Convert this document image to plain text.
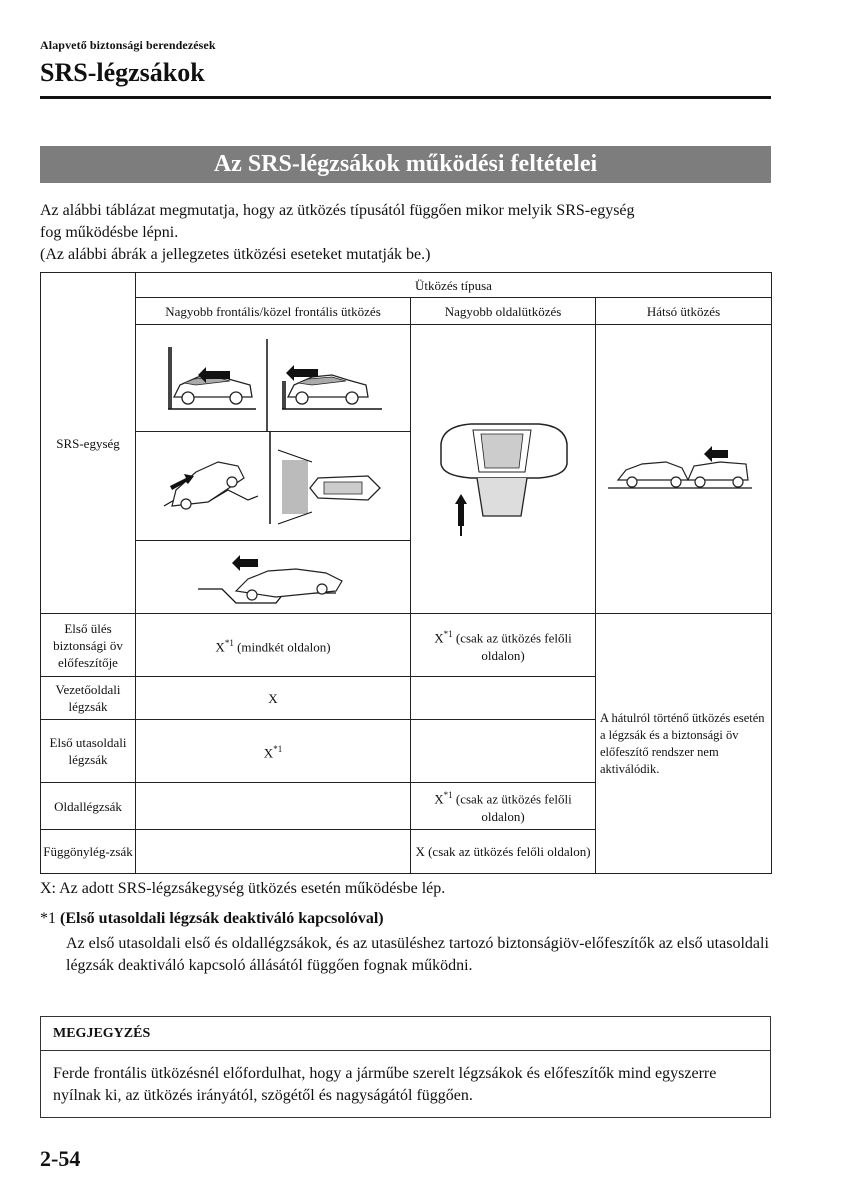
Alapvető biztonsági berendezések
SRS-légzsákok
Az SRS-légzsákok működési feltételei
Az alábbi táblázat megmutatja, hogy az ütközés típusától függően mikor melyik SRS-egység
fog működésbe lépni.
(Az alábbi ábrák a jellegzetes ütközési eseteket mutatják be.)
SRS-egység	Ütközés típusa		
	Nagyobb frontális/közel frontális ütközés	Nagyobb oldalütközés	Hátsó ütközés

Első ülés biztonsági öv előfeszítője	$X^{*1}$ (mindkét oldalon)	$X^{*1}$ (csak az ütközés felőli oldalon)	A hátulról történő ütközés esetén a légzsák és a biztonsági öv előfeszítő rendszer nem aktiválódik.
Vezetőoldali légzsák	X		
Első utasoldali légzsák	$X^{*1}$	
Oldallégzsák		$X^{*1}$ (csak az ütközés felőli oldalon)	
Függönylég-zsák		X (csak az ütközés felőli oldalon)	
X: Az adott SRS-légzsákegység ütközés esetén működésbe lép.
*1 (Első utasoldali légzsák deaktiváló kapcsolóval)
Az első utasoldali első és oldallégzsákok, és az utasüléshez tartozó biztonságiöv-előfeszítők az első utasoldali légzsák deaktiváló kapcsoló állásától függően fognak működni.
MEGJEGYZÉS
Ferde frontális ütközésnél előfordulhat, hogy a járműbe szerelt légzsákok és előfeszítők mind egyszerre nyílnak ki, az ütközés irányától, szögétől és nagyságától függően.
2-54
